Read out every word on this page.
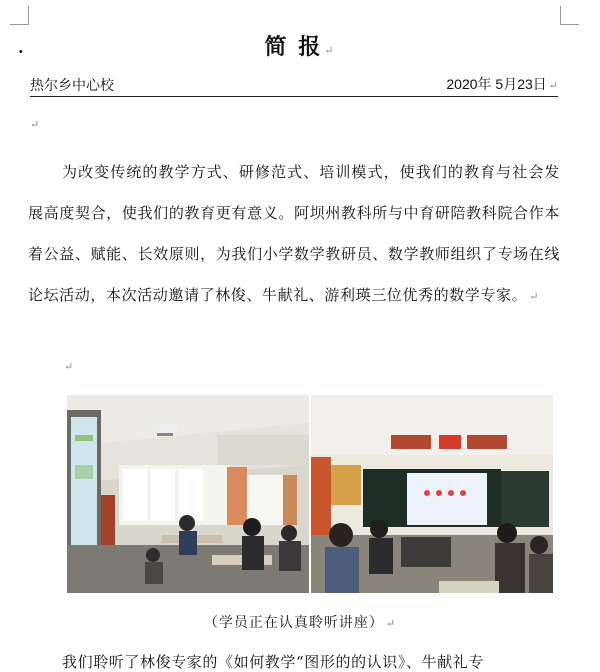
·	简 报 ↵
热尔乡中心校	2020年 5月23日 ↵
↵
为改变传统的教学方式、研修范式、培训模式，使我们的教育与社会发展高度契合，使我们的教育更有意义。阿坝州教科所与中育研陪教科院合作本着公益、赋能、长效原则，为我们小学数学教研员、数学教师组织了专场在线论坛活动，本次活动邀请了林俊、牛献礼、游利瑛三位优秀的数学专家。 ↵
↵
（学员正在认真聆听讲座） ↵
我们聆听了林俊专家的《如何教学“图形的的认识》、牛献礼专
